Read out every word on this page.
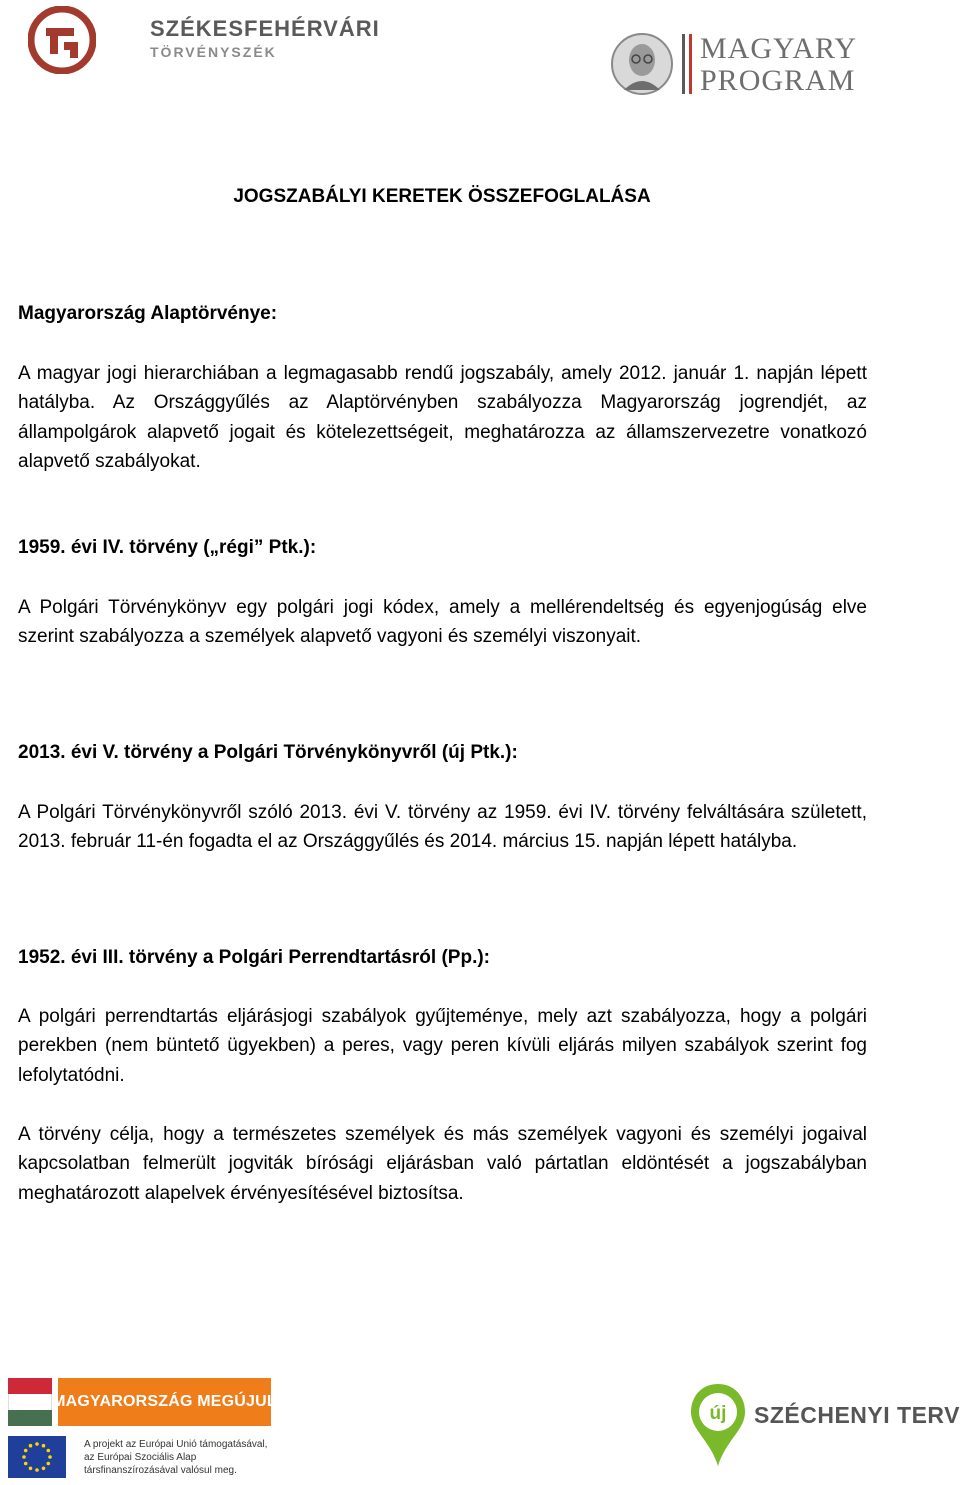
SZÉKESFEHÉRVÁRI
TÖRVÉNYSZÉK	MAGYARY
PROGRAM
JOGSZABÁLYI KERETEK ÖSSZEFOGLALÁSA
Magyarország Alaptörvénye:
A magyar jogi hierarchiában a legmagasabb rendű jogszabály, amely 2012. január 1. napján lépett hatályba. Az Országgyűlés az Alaptörvényben szabályozza Magyarország jogrendjét, az állampolgárok alapvető jogait és kötelezettségeit, meghatározza az államszervezetre vonatkozó alapvető szabályokat.
1959. évi IV. törvény („régi” Ptk.):
A Polgári Törvénykönyv egy polgári jogi kódex, amely a mellérendeltség és egyenjogúság elve szerint szabályozza a személyek alapvető vagyoni és személyi viszonyait.
2013. évi V. törvény a Polgári Törvénykönyvről (új Ptk.):
A Polgári Törvénykönyvről szóló 2013. évi V. törvény az 1959. évi IV. törvény felváltására született, 2013. február 11-én fogadta el az Országgyűlés és 2014. március 15. napján lépett hatályba.
1952. évi III. törvény a Polgári Perrendtartásról (Pp.):
A polgári perrendtartás eljárásjogi szabályok gyűjteménye, mely azt szabályozza, hogy a polgári perekben (nem büntető ügyekben) a peres, vagy peren kívüli eljárás milyen szabályok szerint fog lefolytatódni.
A törvény célja, hogy a természetes személyek és más személyek vagyoni és személyi jogaival kapcsolatban felmerült jogviták bírósági eljárásban való pártatlan eldöntését a jogszabályban meghatározott alapelvek érvényesítésével biztosítsa.
MAGYARORSZÁG MEGÚJUL
A projekt az Európai Unió támogatásával,
az Európai Szociális Alap
társfinanszírozásával valósul meg.
új SZÉCHENYI TERV
